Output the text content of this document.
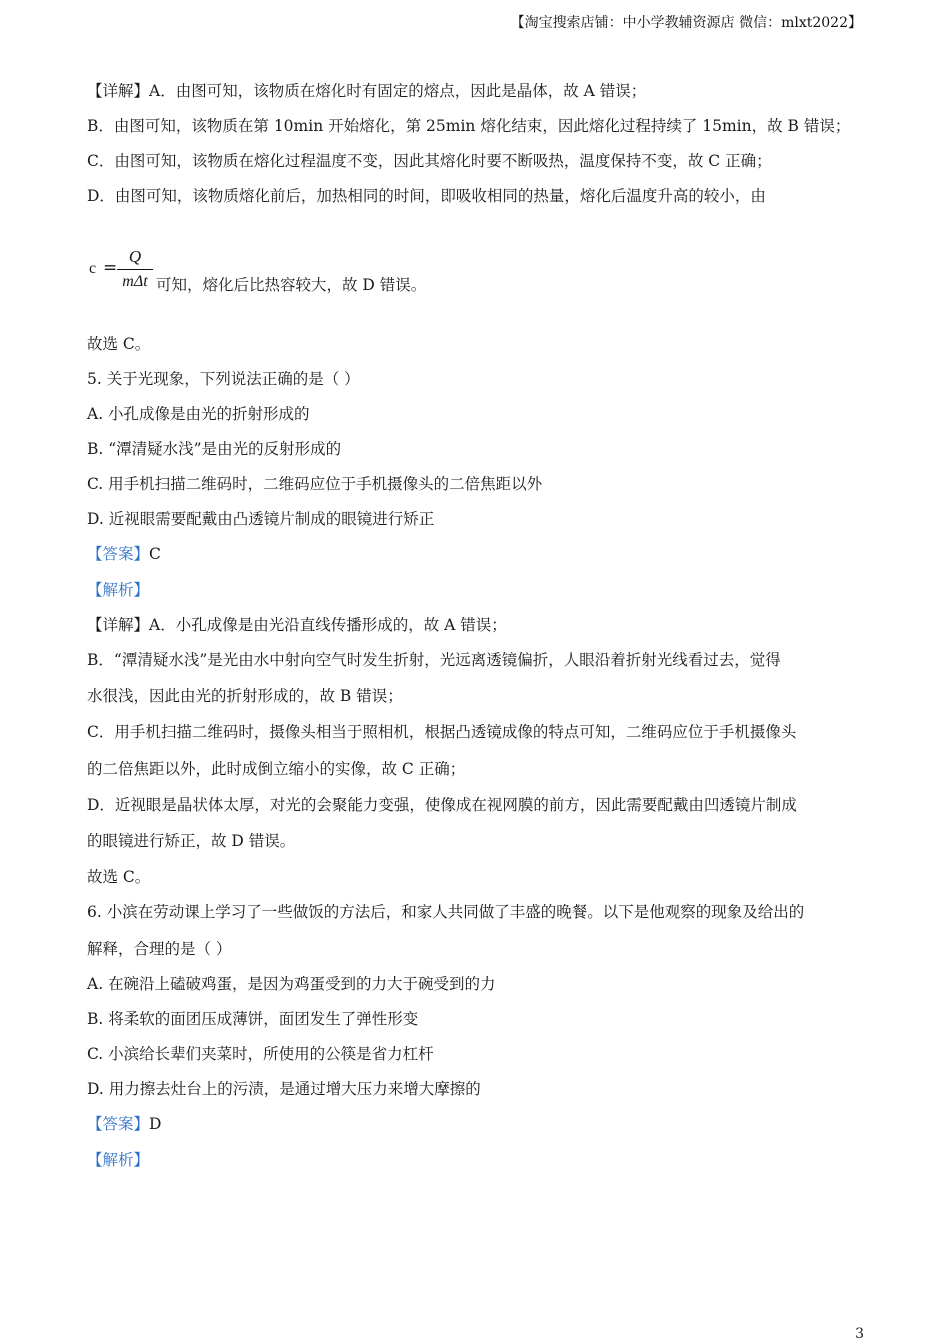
【淘宝搜索店铺：中小学教辅资源店 微信：mlxt2022】
【详解】A．由图可知，该物质在熔化时有固定的熔点，因此是晶体，故 A 错误；
B．由图可知，该物质在第 10min 开始熔化，第 25min 熔化结束，因此熔化过程持续了 15min，故 B 错误；
C．由图可知，该物质在熔化过程温度不变，因此其熔化时要不断吸热，温度保持不变，故 C 正确；
D．由图可知，该物质熔化前后，加热相同的时间，即吸收相同的热量，熔化后温度升高的较小，由
c =
Q
mΔt 可知，熔化后比热容较大，故 D 错误。
故选 C。
5. 关于光现象，下列说法正确的是（ ）
A. 小孔成像是由光的折射形成的
B. “潭清疑水浅”是由光的反射形成的
C. 用手机扫描二维码时，二维码应位于手机摄像头的二倍焦距以外
D. 近视眼需要配戴由凸透镜片制成的眼镜进行矫正
【答案】C
【解析】
【详解】A．小孔成像是由光沿直线传播形成的，故 A 错误；
B．“潭清疑水浅”是光由水中射向空气时发生折射，光远离透镜偏折，人眼沿着折射光线看过去，觉得
水很浅，因此由光的折射形成的，故 B 错误；
C．用手机扫描二维码时，摄像头相当于照相机，根据凸透镜成像的特点可知，二维码应位于手机摄像头
的二倍焦距以外，此时成倒立缩小的实像，故 C 正确；
D．近视眼是晶状体太厚，对光的会聚能力变强，使像成在视网膜的前方，因此需要配戴由凹透镜片制成
的眼镜进行矫正，故 D 错误。
故选 C。
6. 小滨在劳动课上学习了一些做饭的方法后，和家人共同做了丰盛的晚餐。以下是他观察的现象及给出的
解释，合理的是（ ）
A. 在碗沿上磕破鸡蛋，是因为鸡蛋受到的力大于碗受到的力
B. 将柔软的面团压成薄饼，面团发生了弹性形变
C. 小滨给长辈们夹菜时，所使用的公筷是省力杠杆
D. 用力擦去灶台上的污渍，是通过增大压力来增大摩擦的
【答案】D
【解析】
3
